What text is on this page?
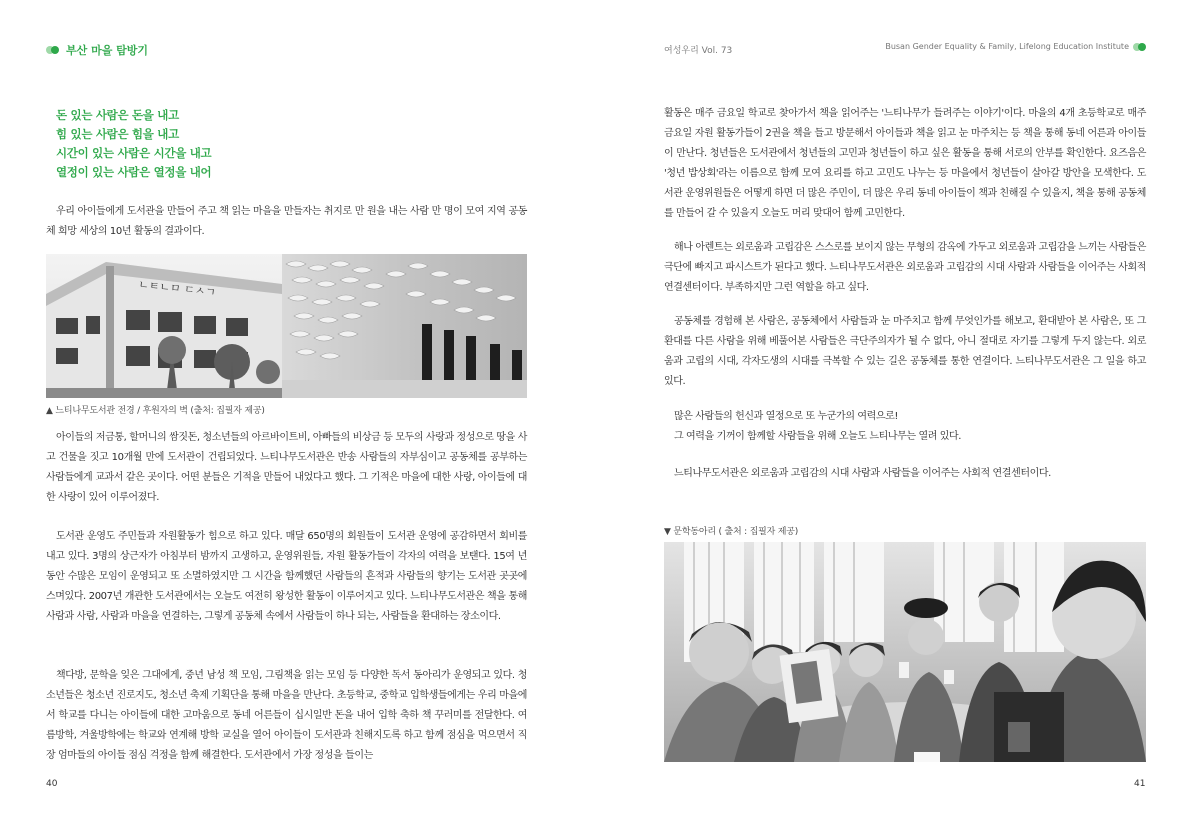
부산 마을 탐방기	여성우리 Vol. 73	Busan Gender Equality & Family, Lifelong Education Institute

돈 있는 사람은 돈을 내고

힘 있는 사람은 힘을 내고

시간이 있는 사람은 시간을 내고

열정이 있는 사람은 열정을 내어

우리 아이들에게 도서관을 만들어 주고 책 읽는 마을을 만들자는 취지로 만 원을 내는 사람 만 명이 모여 지역 공동체 희망 세상의 10년 활동의 결과이다.

ㄴㅌㄴㅁ ㄷㅅㄱ
▲ 느티나무도서관 전경 / 후원자의 벽 (출처: 집필자 제공)

아이들의 저금통, 할머니의 쌈짓돈, 청소년들의 아르바이트비, 아빠들의 비상금 등 모두의 사랑과 정성으로 땅을 사고 건물을 짓고 10개월 만에 도서관이 건립되었다. 느티나무도서관은 반송 사람들의 자부심이고 공동체를 공부하는 사람들에게 교과서 같은 곳이다. 어떤 분들은 기적을 만들어 내었다고 했다. 그 기적은 마을에 대한 사랑, 아이들에 대한 사랑이 있어 이루어졌다.

도서관 운영도 주민들과 자원활동가 힘으로 하고 있다. 매달 650명의 회원들이 도서관 운영에 공감하면서 회비를 내고 있다. 3명의 상근자가 아침부터 밤까지 고생하고, 운영위원들, 자원 활동가들이 각자의 여력을 보탠다. 15여 년 동안 수많은 모임이 운영되고 또 소멸하였지만 그 시간을 함께했던 사람들의 흔적과 사람들의 향기는 도서관 곳곳에 스며있다. 2007년 개관한 도서관에서는 오늘도 여전히 왕성한 활동이 이루어지고 있다. 느티나무도서관은 책을 통해 사람과 사람, 사람과 마을을 연결하는, 그렇게 공동체 속에서 사람들이 하나 되는, 사람들을 환대하는 장소이다.

책다방, 문학을 잊은 그대에게, 중년 남성 책 모임, 그림책을 읽는 모임 등 다양한 독서 동아리가 운영되고 있다. 청소년들은 청소년 진로지도, 청소년 축제 기획단을 통해 마을을 만난다. 초등학교, 중학교 입학생들에게는 우리 마을에서 학교를 다니는 아이들에 대한 고마움으로 동네 어른들이 십시일반 돈을 내어 입학 축하 책 꾸러미를 전달한다. 여름방학, 겨울방학에는 학교와 연계해 방학 교실을 열어 아이들이 도서관과 친해지도록 하고 함께 점심을 먹으면서 직장 엄마들의 아이들 점심 걱정을 함께 해결한다. 도서관에서 가장 정성을 들이는

40

활동은 매주 금요일 학교로 찾아가서 책을 읽어주는 '느티나무가 들려주는 이야기'이다. 마을의 4개 초등학교로 매주 금요일 자원 활동가들이 2권을 책을 들고 방문해서 아이들과 책을 읽고 눈 마주치는 등 책을 통해 동네 어른과 아이들이 만난다. 청년들은 도서관에서 청년들의 고민과 청년들이 하고 싶은 활동을 통해 서로의 안부를 확인한다. 요즈음은 '청년 밥상회'라는 이름으로 함께 모여 요리를 하고 고민도 나누는 등 마을에서 청년들이 살아갈 방안을 모색한다. 도서관 운영위원들은 어떻게 하면 더 많은 주민이, 더 많은 우리 동네 아이들이 책과 친해질 수 있을지, 책을 통해 공동체를 만들어 갈 수 있을지 오늘도 머리 맞대어 함께 고민한다.

해나 아렌트는 외로움과 고립감은 스스로를 보이지 않는 무형의 감옥에 가두고 외로움과 고립감을 느끼는 사람들은 극단에 빠지고 파시스트가 된다고 했다. 느티나무도서관은 외로움과 고립감의 시대 사람과 사람들을 이어주는 사회적 연결센터이다. 부족하지만 그런 역할을 하고 싶다.

공동체를 경험해 본 사람은, 공동체에서 사람들과 눈 마주치고 함께 무엇인가를 해보고, 환대받아 본 사람은, 또 그 환대를 다른 사람을 위해 베풀어본 사람들은 극단주의자가 될 수 없다, 아니 절대로 자기를 그렇게 두지 않는다. 외로움과 고립의 시대, 각자도생의 시대를 극복할 수 있는 길은 공동체를 통한 연결이다. 느티나무도서관은 그 일을 하고 있다.

많은 사람들의 헌신과 열정으로 또 누군가의 여력으로!

그 여력을 기꺼이 함께할 사람들을 위해 오늘도 느티나무는 열려 있다.

느티나무도서관은 외로움과 고립감의 시대 사람과 사람들을 이어주는 사회적 연결센터이다.

▼ 문학동아리 ( 출처 : 집필자 제공)
41
